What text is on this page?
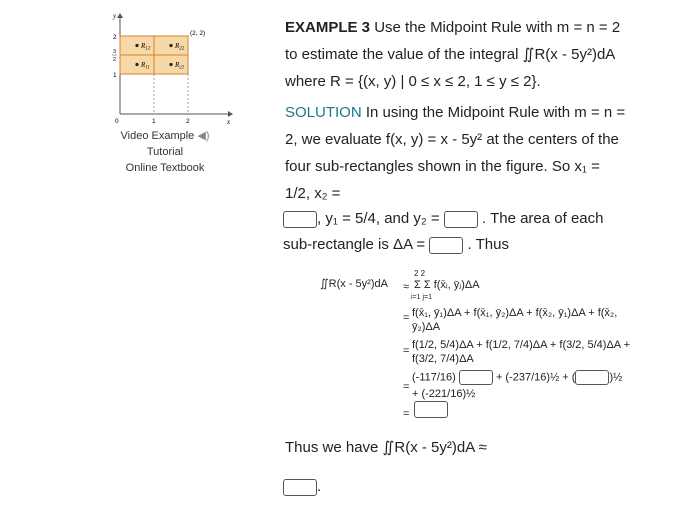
$R_{12}$	$R_{22}$
$R_{11}$	$R_{21}$
(2, 2)
y
x
2
3
2
1
0	1	2
Video Example ◀)
Tutorial
Online Textbook
EXAMPLE 3 Use the Midpoint Rule with m = n = 2
to estimate the value of the integral ∬R(x - 5y²)dA
where R = {(x, y) | 0 ≤ x ≤ 2, 1 ≤ y ≤ 2}.
SOLUTION In using the Midpoint Rule with m = n =
2, we evaluate f(x, y) = x - 5y² at the centers of the
four sub-rectangles shown in the figure. So x₁ =
1/2, x₂ =
, y₁ = 5/4, and y₂ =	. The area of each
sub-rectangle is ΔA =	. Thus
∬R(x - 5y²)dA ≈
2 2
Σ Σ f(x̄ᵢ, ȳⱼ)ΔA
i=1 j=1
= f(x̄₁, ȳ₁)ΔA + f(x̄₁, ȳ₂)ΔA + f(x̄₂, ȳ₁)ΔA + f(x̄₂,
ȳ₂)ΔA
= f(1/2, 5/4)ΔA + f(1/2, 7/4)ΔA + f(3/2, 5/4)ΔA +
f(3/2, 7/4)ΔA
=
(-117/16)	+ (-237/16)½ + (	)½
+ (-221/16)½
=
Thus we have ∬R(x - 5y²)dA ≈
.
